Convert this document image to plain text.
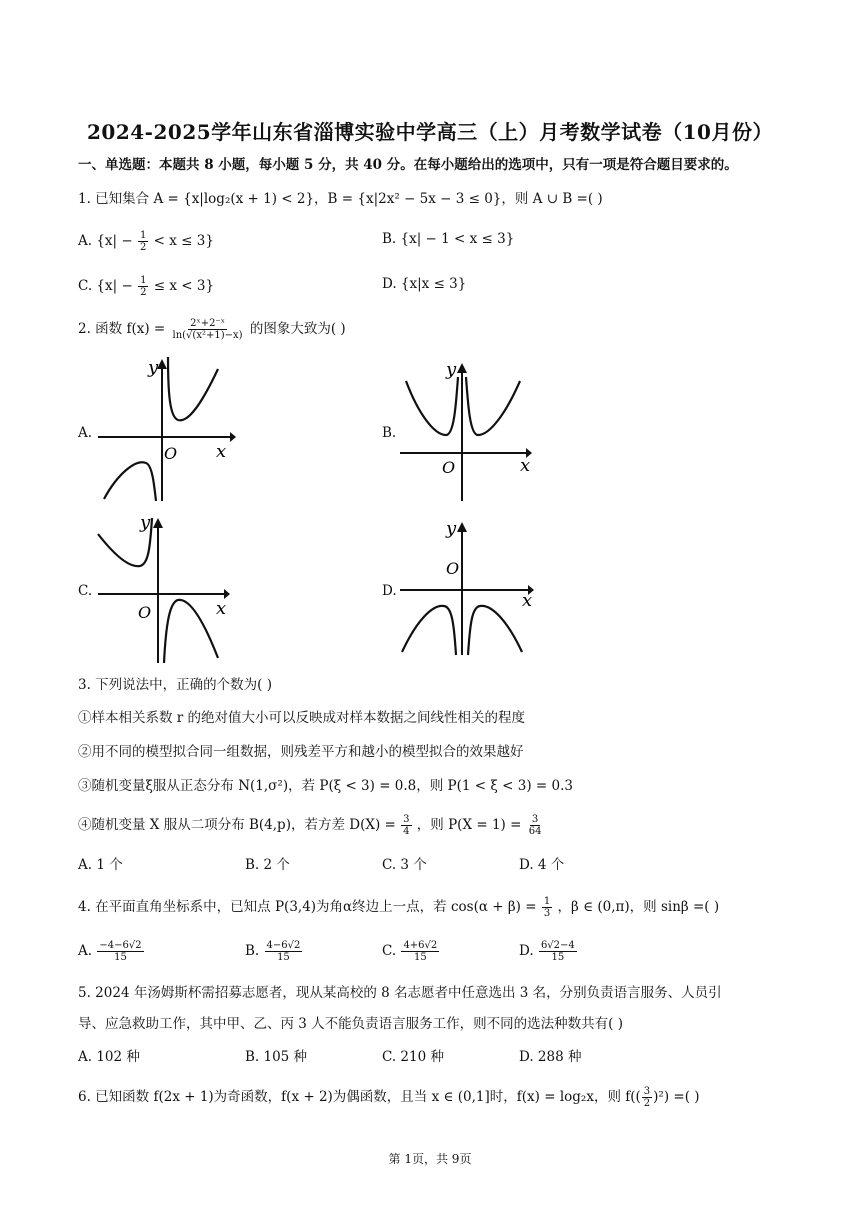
2024-2025学年山东省淄博实验中学高三（上）月考数学试卷（10月份）
一、单选题：本题共 8 小题，每小题 5 分，共 40 分。在每小题给出的选项中，只有一项是符合题目要求的。
1. 已知集合 A = {x|log₂(x + 1) < 2}，B = {x|2x² − 5x − 3 ≤ 0}，则 A ∪ B =( )
A. $\{x| - \frac{1}{2} < x \le 3\}$	B. {x| − 1 < x ≤ 3}
C. $\{x| - \frac{1}{2} \le x < 3\}$	D. {x|x ≤ 3}
2. 函数 $f(x) = \frac{\text{2ˣ+2⁻ˣ}}{\text{ln(√(x²+1)−x)}}$ 的图象大致为( )
A.
y
x
O
B.
y
x
O
C.
y
x
O
D.
y
x
O
3. 下列说法中，正确的个数为( )
①样本相关系数 r 的绝对值大小可以反映成对样本数据之间线性相关的程度
②用不同的模型拟合同一组数据，则残差平方和越小的模型拟合的效果越好
③随机变量ξ服从正态分布 N(1,σ²)，若 P(ξ < 3) = 0.8，则 P(1 < ξ < 3) = 0.3
④随机变量 X 服从二项分布 B(4,p)，若方差 $D(X) = \frac{3}{4}$ ，则 $P(X = 1) = \frac{3}{64}$
A. 1 个	B. 2 个	C. 3 个	D. 4 个
4. 在平面直角坐标系中，已知点 P(3,4)为角α终边上一点，若 $\cos(\alpha + \beta) = \frac{1}{3}$ ，β ∈ (0,π)，则 sinβ =( )
A. $\frac{-4-6√2}{15}$	B. $\frac{4-6√2}{15}$	C. $\frac{4+6√2}{15}$	D. $\frac{6√2-4}{15}$
5. 2024 年汤姆斯杯需招募志愿者，现从某高校的 8 名志愿者中任意选出 3 名，分别负责语言服务、人员引
导、应急救助工作，其中甲、乙、丙 3 人不能负责语言服务工作，则不同的选法种数共有( )
A. 102 种	B. 105 种	C. 210 种	D. 288 种
6. 已知函数 f(2x + 1)为奇函数，f(x + 2)为偶函数，且当 x ∈ (0,1]时，f(x) = log₂x，则 $f(( \frac{3}{2} )^2)$ =( )
第 1页，共 9页
